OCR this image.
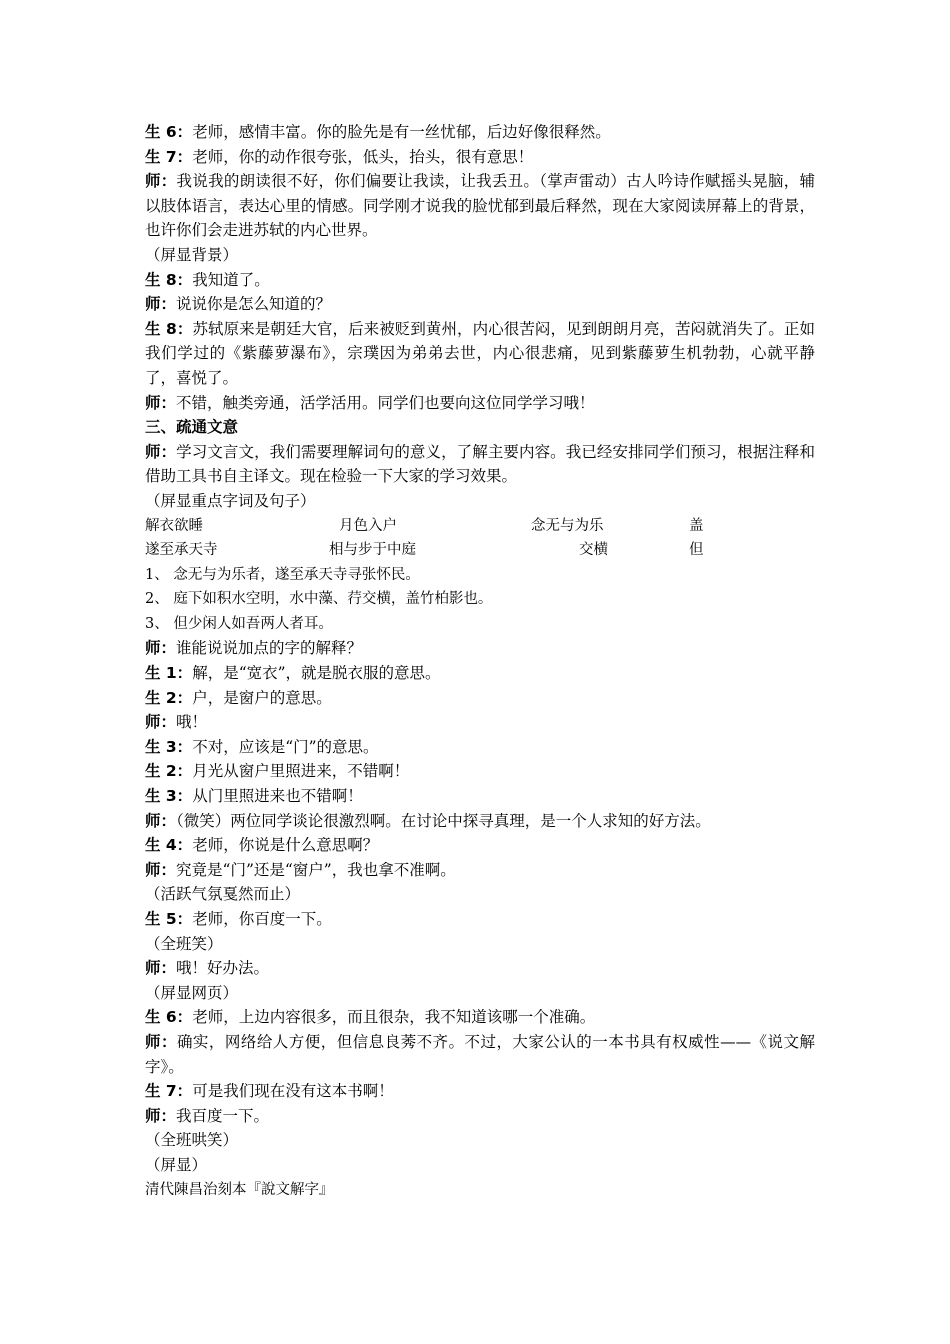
生 6：老师，感情丰富。你的脸先是有一丝忧郁，后边好像很释然。
生 7：老师，你的动作很夸张，低头，抬头，很有意思！
师：我说我的朗读很不好，你们偏要让我读，让我丢丑。（掌声雷动）古人吟诗作赋摇头晃脑，辅以肢体语言，表达心里的情感。同学刚才说我的脸忧郁到最后释然，现在大家阅读屏幕上的背景，也许你们会走进苏轼的内心世界。
（屏显背景）
生 8：我知道了。
师：说说你是怎么知道的？
生 8：苏轼原来是朝廷大官，后来被贬到黄州，内心很苦闷，见到朗朗月亮，苦闷就消失了。正如我们学过的《紫藤萝瀑布》，宗璞因为弟弟去世，内心很悲痛，见到紫藤萝生机勃勃，心就平静了，喜悦了。
师：不错，触类旁通，活学活用。同学们也要向这位同学学习哦！
三、疏通文意
师：学习文言文，我们需要理解词句的意义，了解主要内容。我已经安排同学们预习，根据注释和借助工具书自主译文。现在检验一下大家的学习效果。
（屏显重点字词及句子）
解衣欲睡	月色入户	念无与为乐	盖
遂至承天寺	相与步于中庭	交横	但
1、 念无与为乐者，遂至承天寺寻张怀民。
2、 庭下如积水空明，水中藻、荇交横，盖竹柏影也。
3、 但少闲人如吾两人者耳。
师：谁能说说加点的字的解释？
生 1：解，是“宽衣”，就是脱衣服的意思。
生 2：户，是窗户的意思。
师：哦！
生 3：不对，应该是“门”的意思。
生 2：月光从窗户里照进来，不错啊！
生 3：从门里照进来也不错啊！
师：（微笑）两位同学谈论很激烈啊。在讨论中探寻真理，是一个人求知的好方法。
生 4：老师，你说是什么意思啊？
师：究竟是“门”还是“窗户”，我也拿不准啊。
（活跃气氛戛然而止）
生 5：老师，你百度一下。
（全班笑）
师：哦！好办法。
（屏显网页）
生 6：老师，上边内容很多，而且很杂，我不知道该哪一个准确。
师：确实，网络给人方便，但信息良莠不齐。不过，大家公认的一本书具有权威性——《说文解字》。
生 7：可是我们现在没有这本书啊！
师：我百度一下。
（全班哄笑）
（屏显）
清代陳昌治刻本『說文解字』
